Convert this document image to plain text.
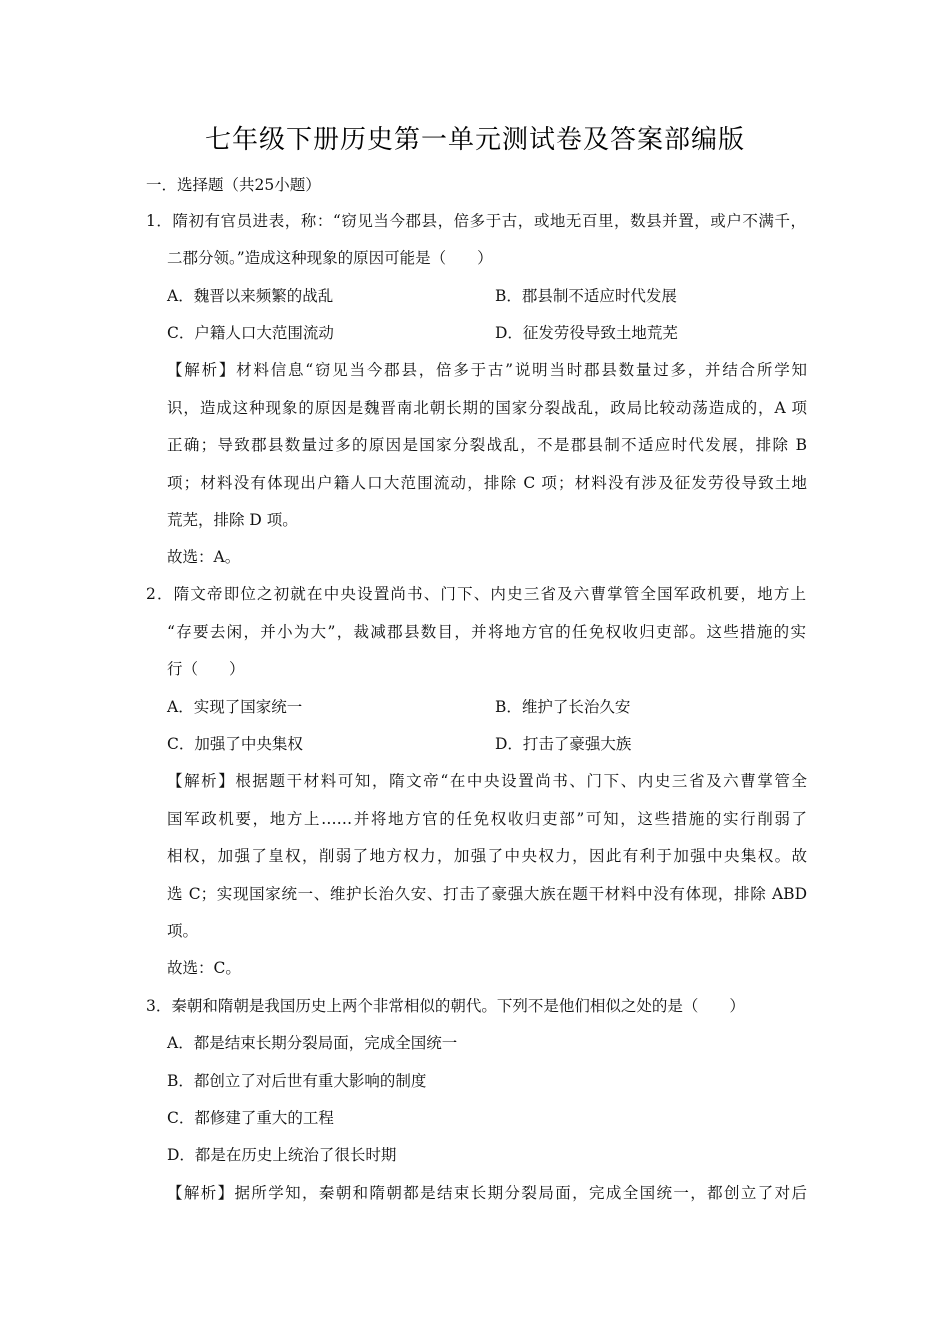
七年级下册历史第一单元测试卷及答案部编版
一．选择题（共25小题）
1．隋初有官员进表，称：“窃见当今郡县，倍多于古，或地无百里，数县并置，或户不满千，
二郡分领。”造成这种现象的原因可能是（　　）
A．魏晋以来频繁的战乱	B．郡县制不适应时代发展
C．户籍人口大范围流动	D．征发劳役导致土地荒芜
【解析】材料信息“窃见当今郡县，倍多于古”说明当时郡县数量过多，并结合所学知
识，造成这种现象的原因是魏晋南北朝长期的国家分裂战乱，政局比较动荡造成的，A 项
正确；导致郡县数量过多的原因是国家分裂战乱，不是郡县制不适应时代发展，排除 B
项；材料没有体现出户籍人口大范围流动，排除 C 项；材料没有涉及征发劳役导致土地
荒芜，排除 D 项。
故选：A。
2．隋文帝即位之初就在中央设置尚书、门下、内史三省及六曹掌管全国军政机要，地方上
“存要去闲，并小为大”，裁减郡县数目，并将地方官的任免权收归吏部。这些措施的实
行（　　）
A．实现了国家统一	B．维护了长治久安
C．加强了中央集权	D．打击了豪强大族
【解析】根据题干材料可知，隋文帝“在中央设置尚书、门下、内史三省及六曹掌管全
国军政机要，地方上……并将地方官的任免权收归吏部”可知，这些措施的实行削弱了
相权，加强了皇权，削弱了地方权力，加强了中央权力，因此有利于加强中央集权。故
选 C；实现国家统一、维护长治久安、打击了豪强大族在题干材料中没有体现，排除 ABD
项。
故选：C。
3．秦朝和隋朝是我国历史上两个非常相似的朝代。下列不是他们相似之处的是（　　）
A．都是结束长期分裂局面，完成全国统一
B．都创立了对后世有重大影响的制度
C．都修建了重大的工程
D．都是在历史上统治了很长时期
【解析】据所学知，秦朝和隋朝都是结束长期分裂局面，完成全国统一，都创立了对后
